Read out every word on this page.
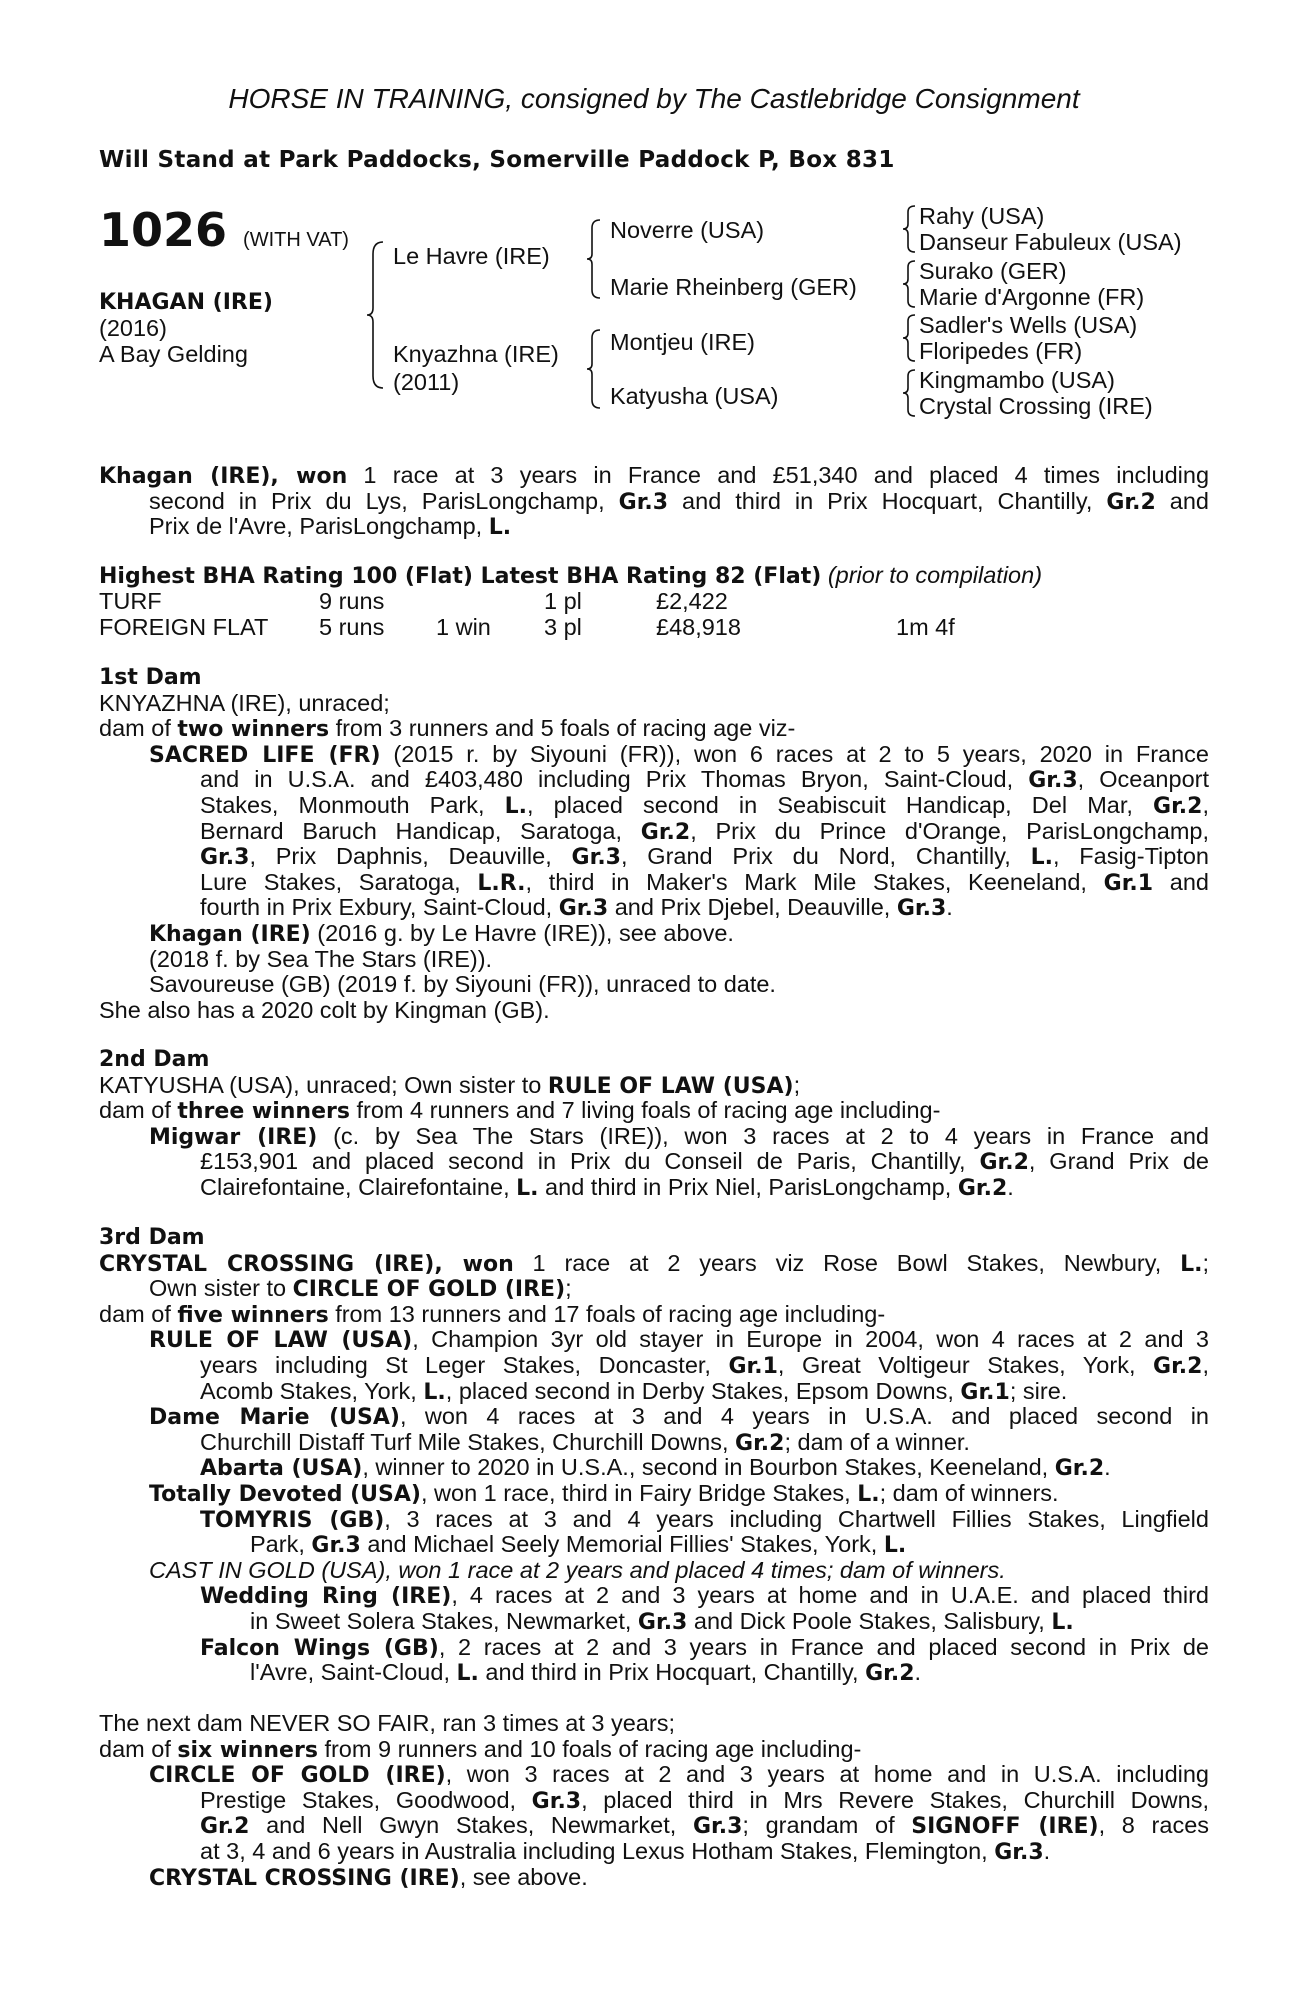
HORSE IN TRAINING, consigned by The Castlebridge Consignment
Will Stand at Park Paddocks, Somerville Paddock P, Box 831
1026 (WITH VAT)
KHAGAN (IRE)
(2016)
A Bay Gelding
Le Havre (IRE)
Knyazhna (IRE)
(2011)
Noverre (USA)
Marie Rheinberg (GER)
Montjeu (IRE)
Katyusha (USA)
Rahy (USA)
Danseur Fabuleux (USA)
Surako (GER)
Marie d'Argonne (FR)
Sadler's Wells (USA)
Floripedes (FR)
Kingmambo (USA)
Crystal Crossing (IRE)
Khagan (IRE), won 1 race at 3 years in France and £51,340 and placed 4 times including
second in Prix du Lys, ParisLongchamp, Gr.3 and third in Prix Hocquart, Chantilly, Gr.2 and
Prix de l'Avre, ParisLongchamp, L.
Highest BHA Rating 100 (Flat) Latest BHA Rating 82 (Flat) (prior to compilation)
TURF	9 runs		1 pl	£2,422	
FOREIGN FLAT	5 runs	1 win	3 pl	£48,918	1m 4f
1st Dam
KNYAZHNA (IRE), unraced;
dam of two winners from 3 runners and 5 foals of racing age viz-
SACRED LIFE (FR) (2015 r. by Siyouni (FR)), won 6 races at 2 to 5 years, 2020 in France
and in U.S.A. and £403,480 including Prix Thomas Bryon, Saint-Cloud, Gr.3, Oceanport
Stakes, Monmouth Park, L., placed second in Seabiscuit Handicap, Del Mar, Gr.2,
Bernard Baruch Handicap, Saratoga, Gr.2, Prix du Prince d'Orange, ParisLongchamp,
Gr.3, Prix Daphnis, Deauville, Gr.3, Grand Prix du Nord, Chantilly, L., Fasig-Tipton
Lure Stakes, Saratoga, L.R., third in Maker's Mark Mile Stakes, Keeneland, Gr.1 and
fourth in Prix Exbury, Saint-Cloud, Gr.3 and Prix Djebel, Deauville, Gr.3.
Khagan (IRE) (2016 g. by Le Havre (IRE)), see above.
(2018 f. by Sea The Stars (IRE)).
Savoureuse (GB) (2019 f. by Siyouni (FR)), unraced to date.
She also has a 2020 colt by Kingman (GB).
2nd Dam
KATYUSHA (USA), unraced; Own sister to RULE OF LAW (USA);
dam of three winners from 4 runners and 7 living foals of racing age including-
Migwar (IRE) (c. by Sea The Stars (IRE)), won 3 races at 2 to 4 years in France and
£153,901 and placed second in Prix du Conseil de Paris, Chantilly, Gr.2, Grand Prix de
Clairefontaine, Clairefontaine, L. and third in Prix Niel, ParisLongchamp, Gr.2.
3rd Dam
CRYSTAL CROSSING (IRE), won 1 race at 2 years viz Rose Bowl Stakes, Newbury, L.;
Own sister to CIRCLE OF GOLD (IRE);
dam of five winners from 13 runners and 17 foals of racing age including-
RULE OF LAW (USA), Champion 3yr old stayer in Europe in 2004, won 4 races at 2 and 3
years including St Leger Stakes, Doncaster, Gr.1, Great Voltigeur Stakes, York, Gr.2,
Acomb Stakes, York, L., placed second in Derby Stakes, Epsom Downs, Gr.1; sire.
Dame Marie (USA), won 4 races at 3 and 4 years in U.S.A. and placed second in
Churchill Distaff Turf Mile Stakes, Churchill Downs, Gr.2; dam of a winner.
Abarta (USA), winner to 2020 in U.S.A., second in Bourbon Stakes, Keeneland, Gr.2.
Totally Devoted (USA), won 1 race, third in Fairy Bridge Stakes, L.; dam of winners.
TOMYRIS (GB), 3 races at 3 and 4 years including Chartwell Fillies Stakes, Lingfield
Park, Gr.3 and Michael Seely Memorial Fillies' Stakes, York, L.
CAST IN GOLD (USA), won 1 race at 2 years and placed 4 times; dam of winners.
Wedding Ring (IRE), 4 races at 2 and 3 years at home and in U.A.E. and placed third
in Sweet Solera Stakes, Newmarket, Gr.3 and Dick Poole Stakes, Salisbury, L.
Falcon Wings (GB), 2 races at 2 and 3 years in France and placed second in Prix de
l'Avre, Saint-Cloud, L. and third in Prix Hocquart, Chantilly, Gr.2.
The next dam NEVER SO FAIR, ran 3 times at 3 years;
dam of six winners from 9 runners and 10 foals of racing age including-
CIRCLE OF GOLD (IRE), won 3 races at 2 and 3 years at home and in U.S.A. including
Prestige Stakes, Goodwood, Gr.3, placed third in Mrs Revere Stakes, Churchill Downs,
Gr.2 and Nell Gwyn Stakes, Newmarket, Gr.3; grandam of SIGNOFF (IRE), 8 races
at 3, 4 and 6 years in Australia including Lexus Hotham Stakes, Flemington, Gr.3.
CRYSTAL CROSSING (IRE), see above.
